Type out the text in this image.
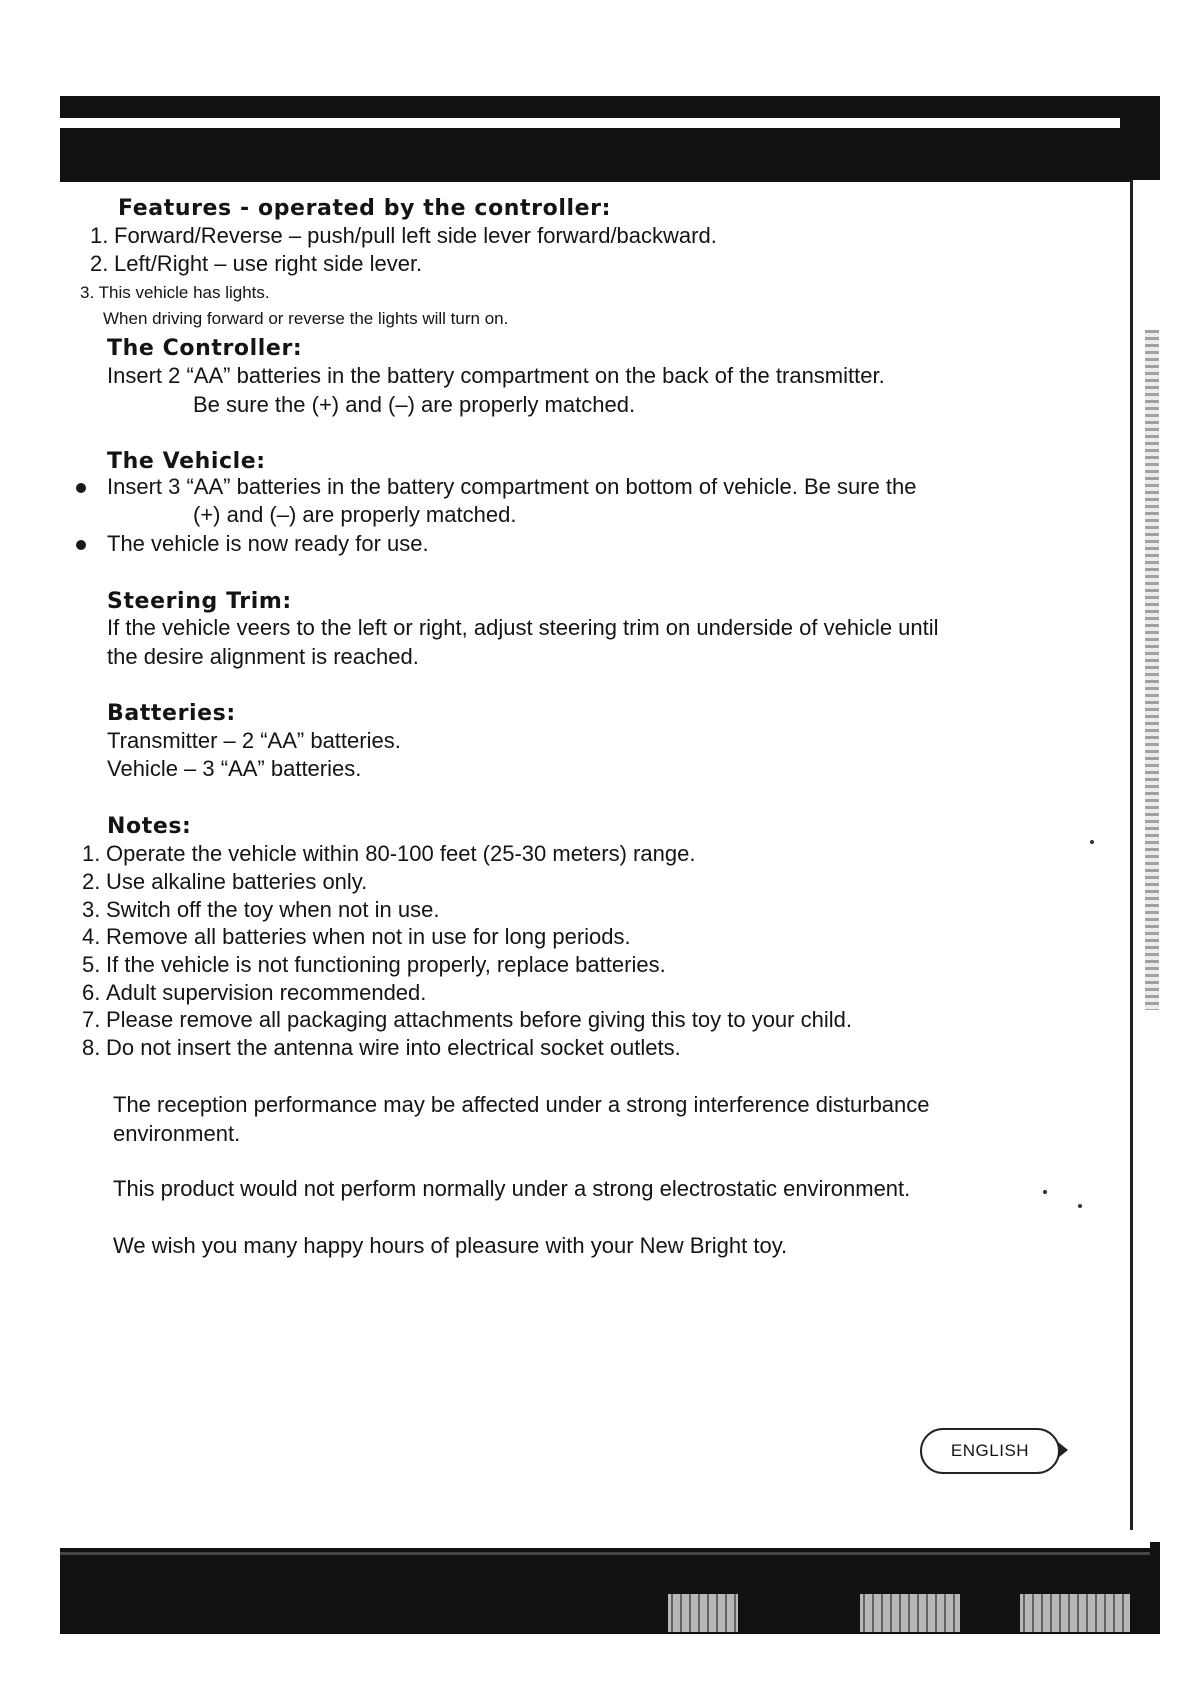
Features - operated by the controller:
1. Forward/Reverse – push/pull left side lever forward/backward.
2. Left/Right – use right side lever.
3. This vehicle has lights.
When driving forward or reverse the lights will turn on.
The Controller:
Insert 2 “AA” batteries in the battery compartment on the back of the transmitter.
Be sure the (+) and (–) are properly matched.
The Vehicle:
Insert 3 “AA” batteries in the battery compartment on bottom of vehicle. Be sure the
(+) and (–) are properly matched.
The vehicle is now ready for use.
Steering Trim:
If the vehicle veers to the left or right, adjust steering trim on underside of vehicle until
the desire alignment is reached.
Batteries:
Transmitter – 2 “AA” batteries.
Vehicle – 3 “AA” batteries.
Notes:
1. Operate the vehicle within 80-100 feet (25-30 meters) range.
2. Use alkaline batteries only.
3. Switch off the toy when not in use.
4. Remove all batteries when not in use for long periods.
5. If the vehicle is not functioning properly, replace batteries.
6. Adult supervision recommended.
7. Please remove all packaging attachments before giving this toy to your child.
8. Do not insert the antenna wire into electrical socket outlets.
The reception performance may be affected under a strong interference disturbance
environment.
This product would not perform normally under a strong electrostatic environment.
We wish you many happy hours of pleasure with your New Bright toy.
ENGLISH
